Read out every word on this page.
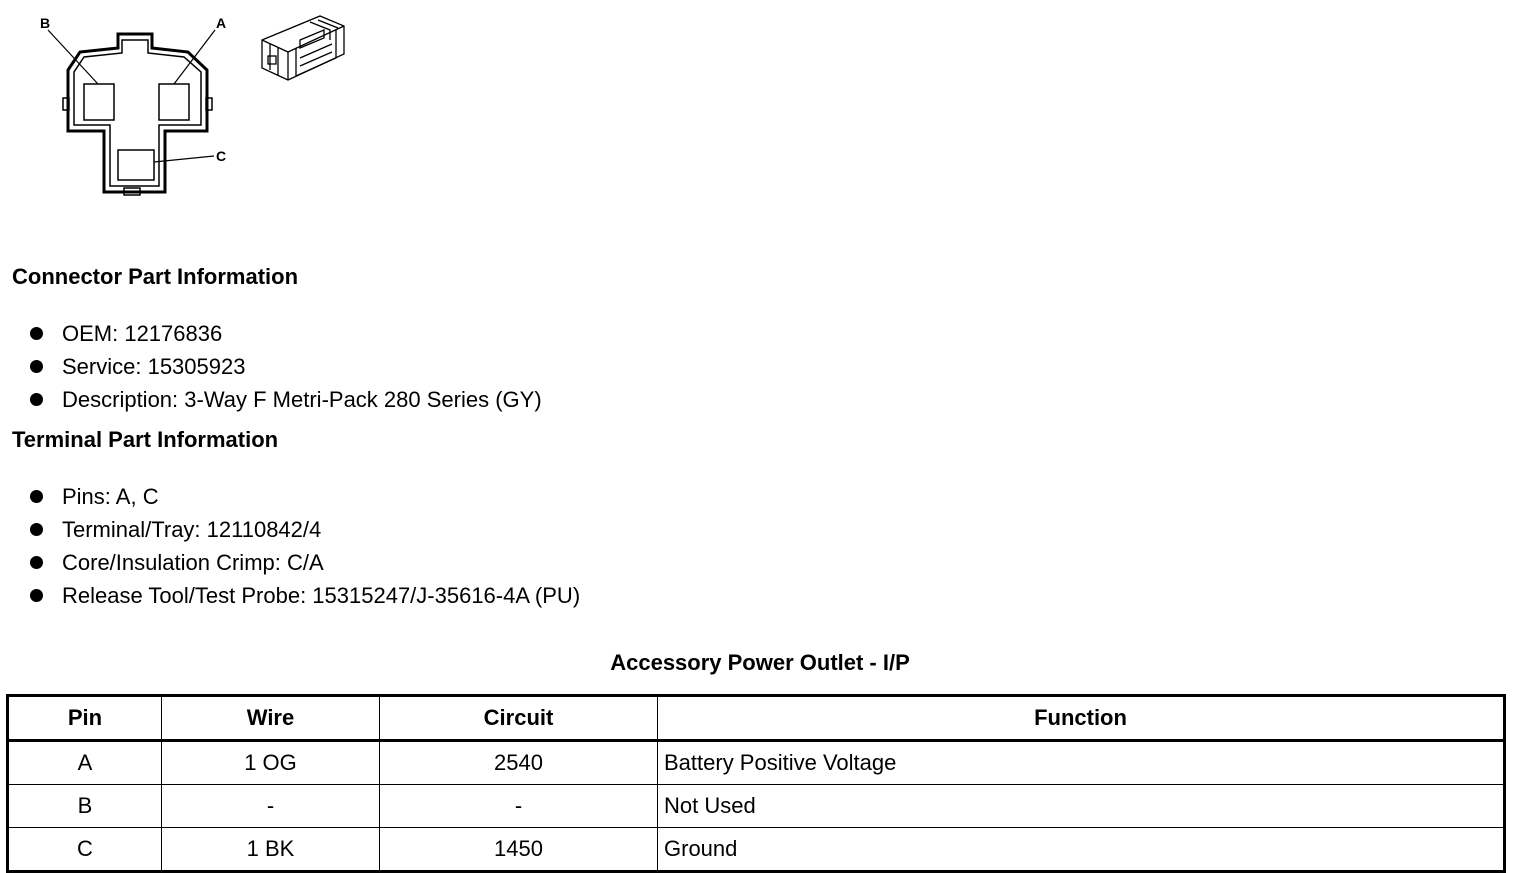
B	A
C
Connector Part Information
OEM: 12176836
Service: 15305923
Description: 3-Way F Metri-Pack 280 Series (GY)
Terminal Part Information
Pins: A, C
Terminal/Tray: 12110842/4
Core/Insulation Crimp: C/A
Release Tool/Test Probe: 15315247/J-35616-4A (PU)
Accessory Power Outlet - I/P
Pin	Wire	Circuit	Function
A	1 OG	2540	Battery Positive Voltage
B	-	-	Not Used
C	1 BK	1450	Ground
